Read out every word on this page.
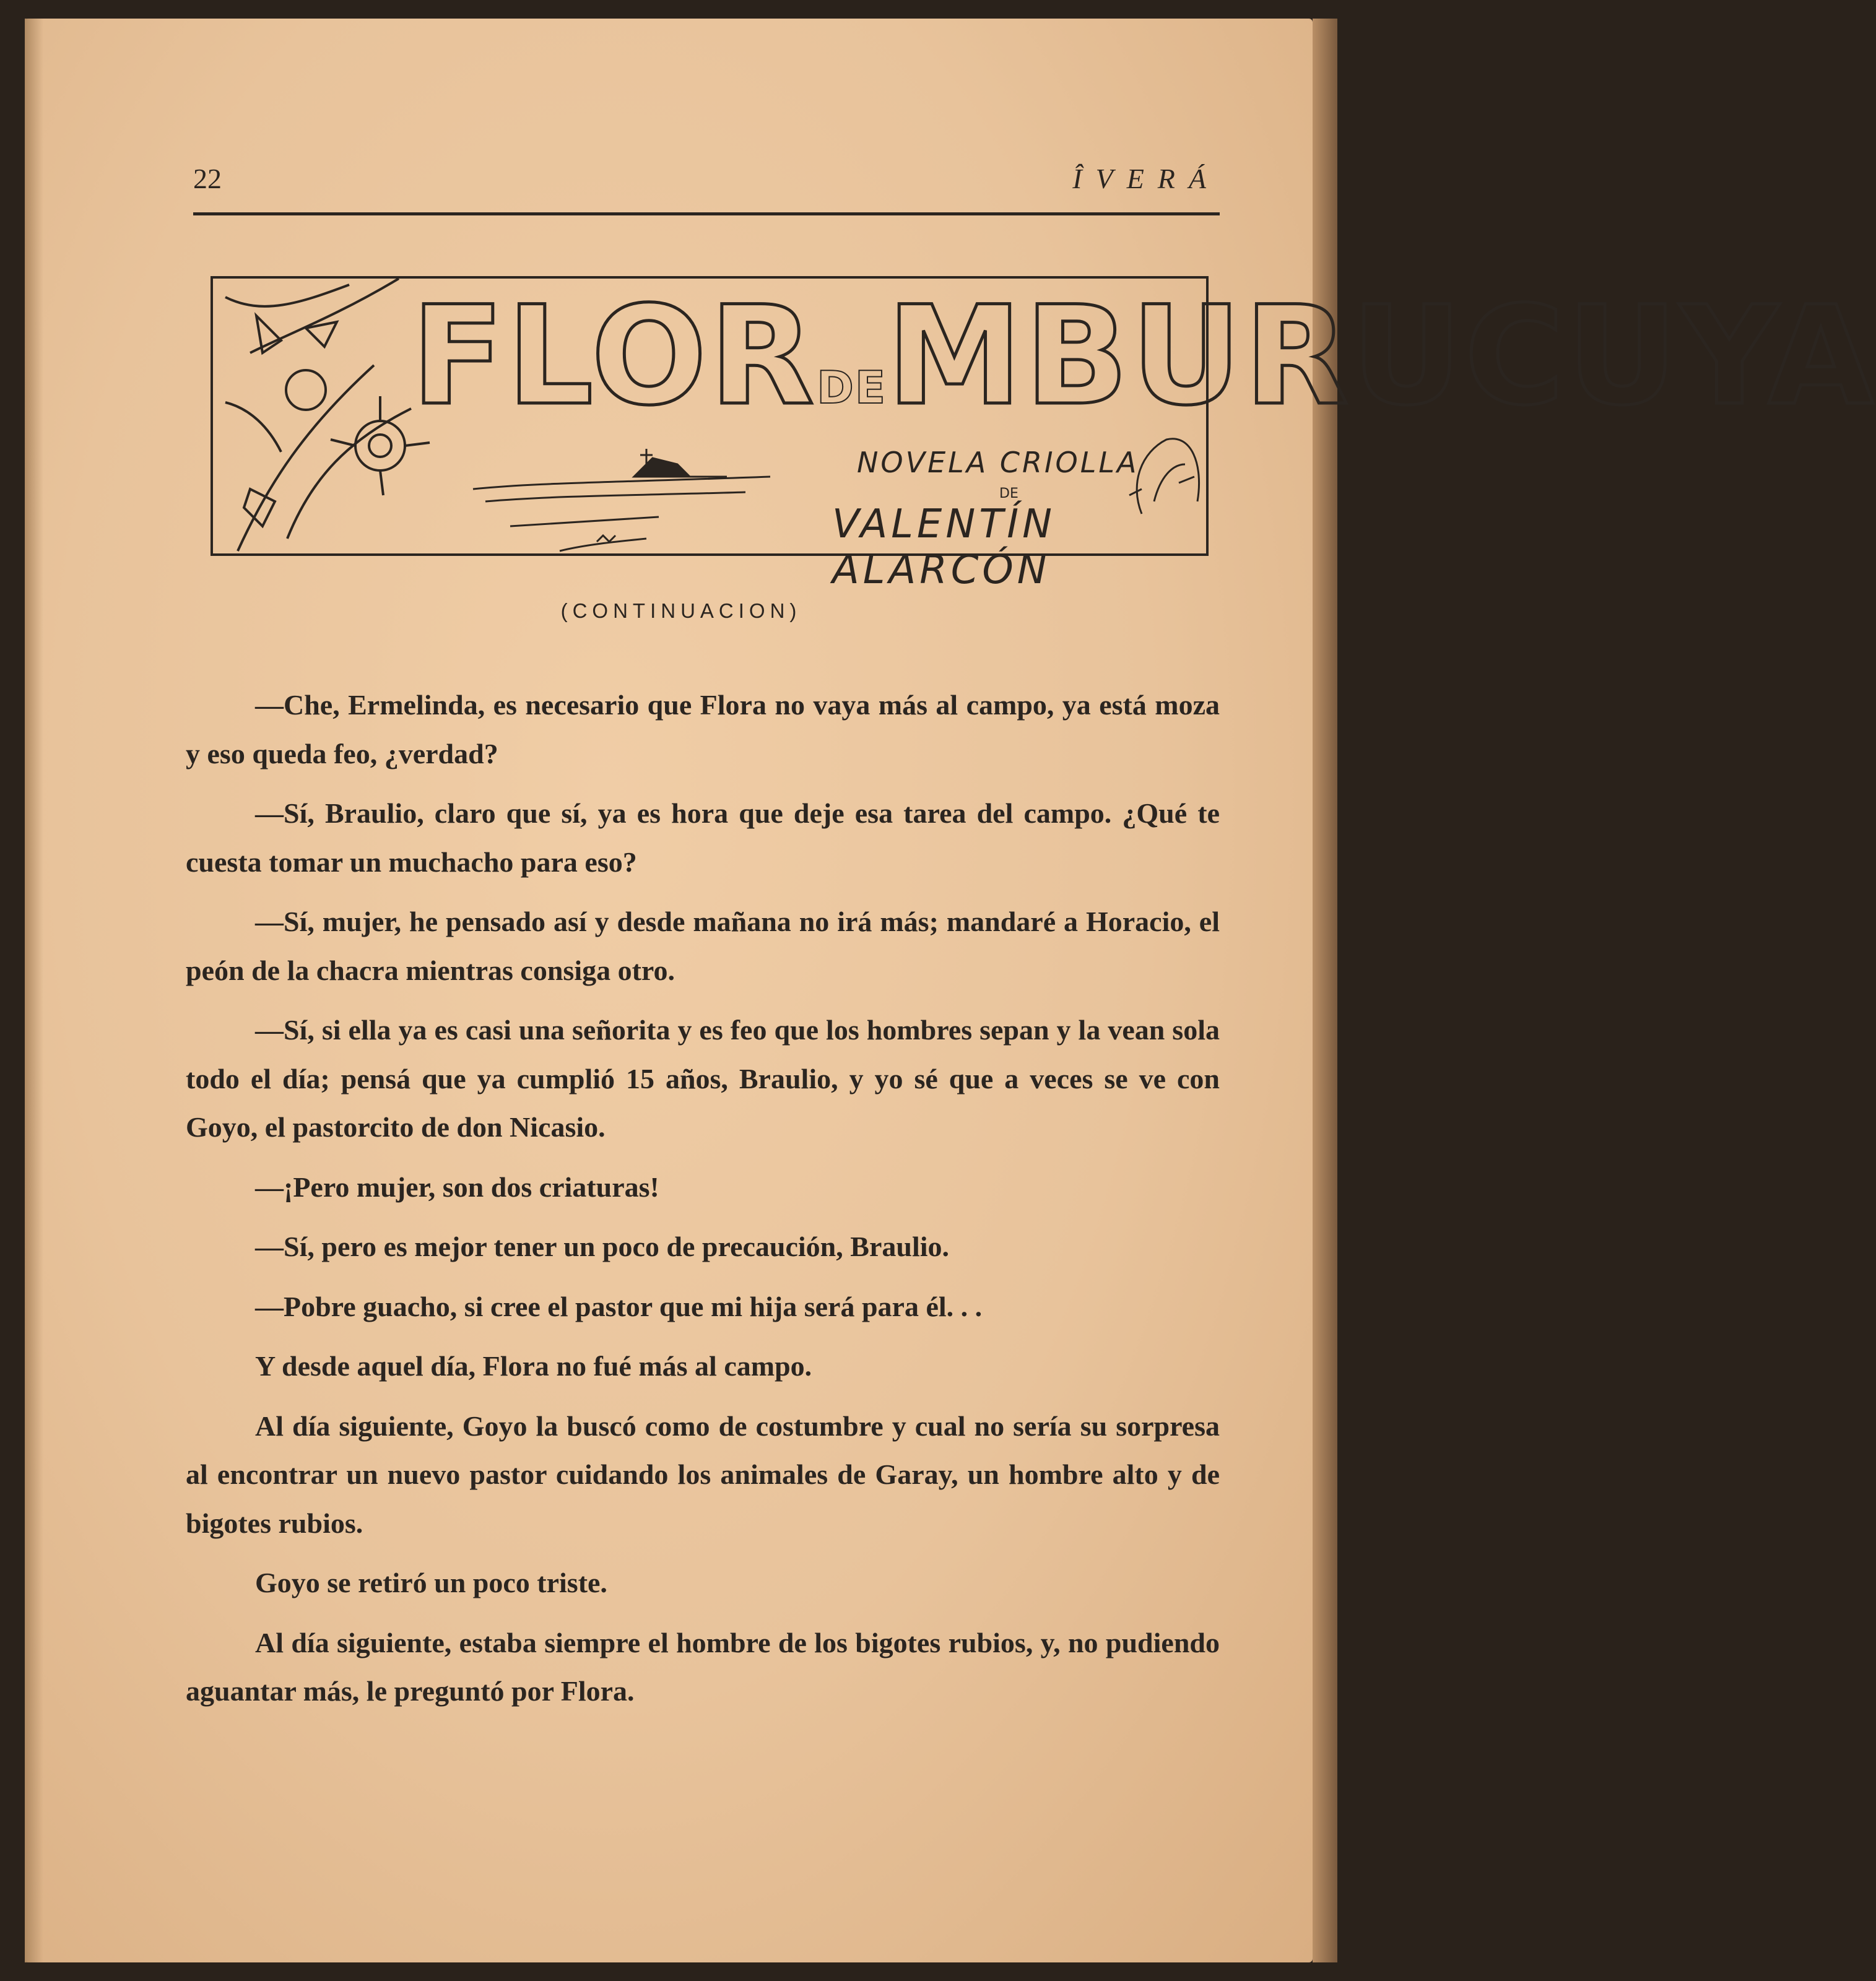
22	ÎVERÁ
FLORDEMBURUCUYA
NOVELA CRIOLLA
DE
VALENTÍN ALARCÓN
(CONTINUACION)

—Che, Ermelinda, es necesario que Flora no vaya más al campo, ya está moza y eso queda feo, ¿verdad?

—Sí, Braulio, claro que sí, ya es hora que deje esa tarea del campo. ¿Qué te cuesta tomar un muchacho para eso?

—Sí, mujer, he pensado así y desde mañana no irá más; mandaré a Horacio, el peón de la chacra mientras consiga otro.

—Sí, si ella ya es casi una señorita y es feo que los hombres sepan y la vean sola todo el día; pensá que ya cumplió 15 años, Braulio, y yo sé que a veces se ve con Goyo, el pastorcito de don Nicasio.

—¡Pero mujer, son dos criaturas!

—Sí, pero es mejor tener un poco de precaución, Braulio.

—Pobre guacho, si cree el pastor que mi hija será para él. . .

Y desde aquel día, Flora no fué más al campo.

Al día siguiente, Goyo la buscó como de costumbre y cual no sería su sorpresa al encontrar un nuevo pastor cuidando los animales de Garay, un hombre alto y de bigotes rubios.

Goyo se retiró un poco triste.

Al día siguiente, estaba siempre el hombre de los bigotes rubios, y, no pudiendo aguantar más, le preguntó por Flora.
